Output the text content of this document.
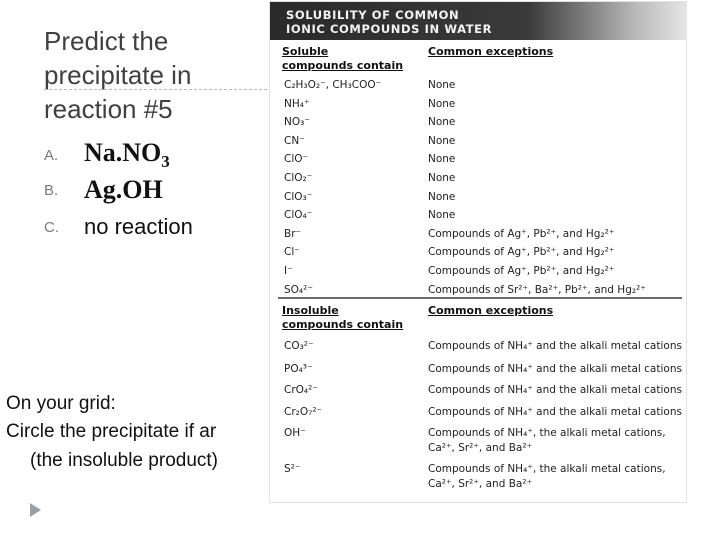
Predict the precipitate in reaction #5
A. $Na.NO_3$
B. Ag.OH
C.	no reaction
On your grid:
Circle the precipitate if ar
(the insoluble product)
SOLUBILITY OF COMMON
IONIC COMPOUNDS IN WATER
Soluble
compounds contain
Common exceptions
C₂H₃O₂⁻, CH₃COO⁻	None
NH₄⁺	None
NO₃⁻	None
CN⁻	None
ClO⁻	None
ClO₂⁻	None
ClO₃⁻	None
ClO₄⁻	None
Br⁻	Compounds of Ag⁺, Pb²⁺, and Hg₂²⁺
Cl⁻	Compounds of Ag⁺, Pb²⁺, and Hg₂²⁺
I⁻	Compounds of Ag⁺, Pb²⁺, and Hg₂²⁺
SO₄²⁻	Compounds of Sr²⁺, Ba²⁺, Pb²⁺, and Hg₂²⁺
Insoluble
compounds contain
Common exceptions
CO₃²⁻	Compounds of NH₄⁺ and the alkali metal cations
PO₄³⁻	Compounds of NH₄⁺ and the alkali metal cations
CrO₄²⁻	Compounds of NH₄⁺ and the alkali metal cations
Cr₂O₇²⁻	Compounds of NH₄⁺ and the alkali metal cations
OH⁻	Compounds of NH₄⁺, the alkali metal cations,
Ca²⁺, Sr²⁺, and Ba²⁺
S²⁻	Compounds of NH₄⁺, the alkali metal cations,
Ca²⁺, Sr²⁺, and Ba²⁺
